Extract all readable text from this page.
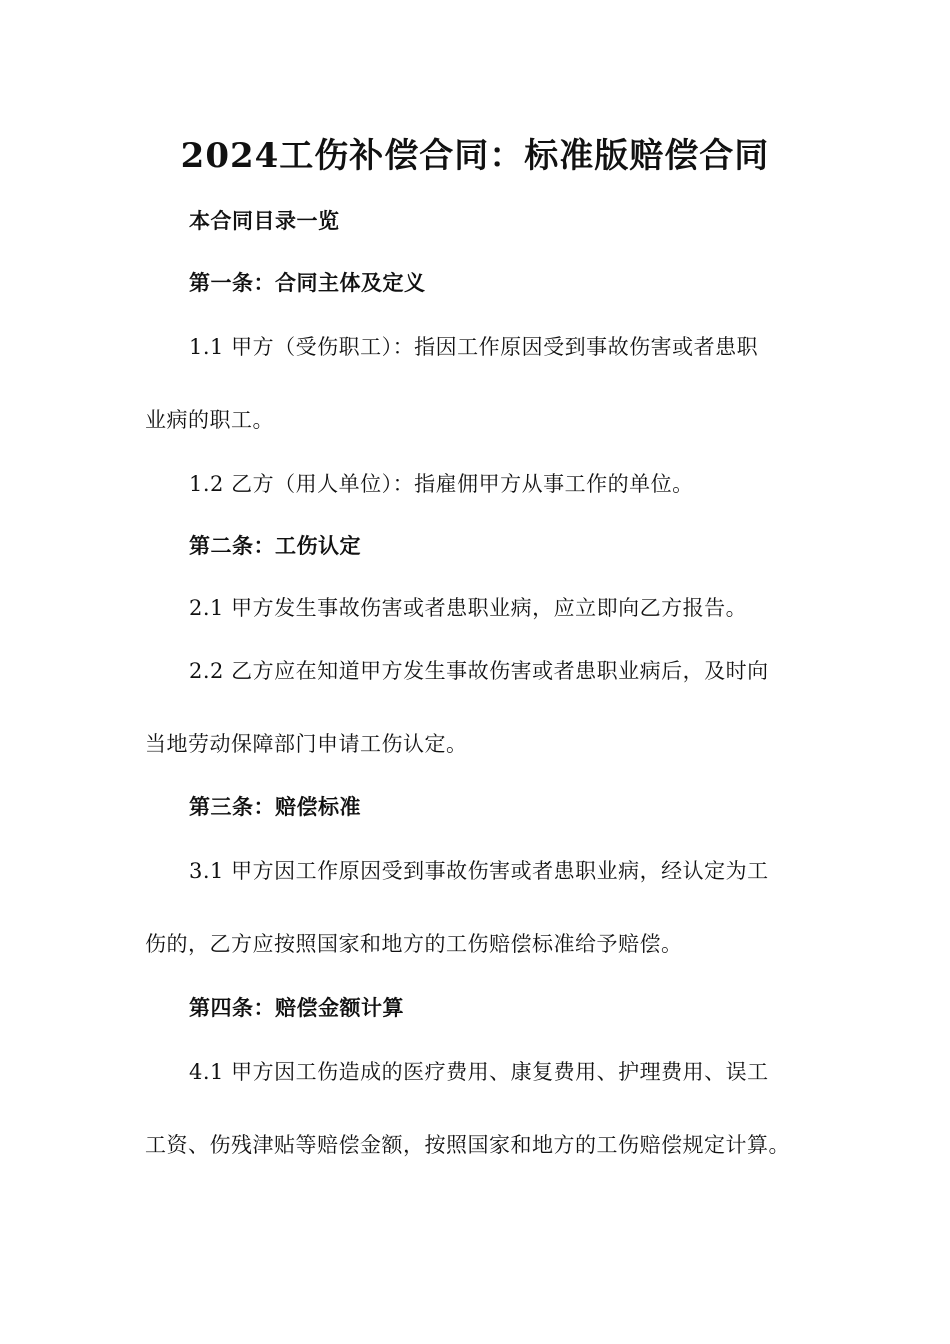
2024工伤补偿合同：标准版赔偿合同
本合同目录一览
第一条：合同主体及定义
1.1 甲方（受伤职工）：指因工作原因受到事故伤害或者患职
业病的职工。
1.2 乙方（用人单位）：指雇佣甲方从事工作的单位。
第二条：工伤认定
2.1 甲方发生事故伤害或者患职业病，应立即向乙方报告。
2.2 乙方应在知道甲方发生事故伤害或者患职业病后，及时向
当地劳动保障部门申请工伤认定。
第三条：赔偿标准
3.1 甲方因工作原因受到事故伤害或者患职业病，经认定为工
伤的，乙方应按照国家和地方的工伤赔偿标准给予赔偿。
第四条：赔偿金额计算
4.1 甲方因工伤造成的医疗费用、康复费用、护理费用、误工
工资、伤残津贴等赔偿金额，按照国家和地方的工伤赔偿规定计算。
